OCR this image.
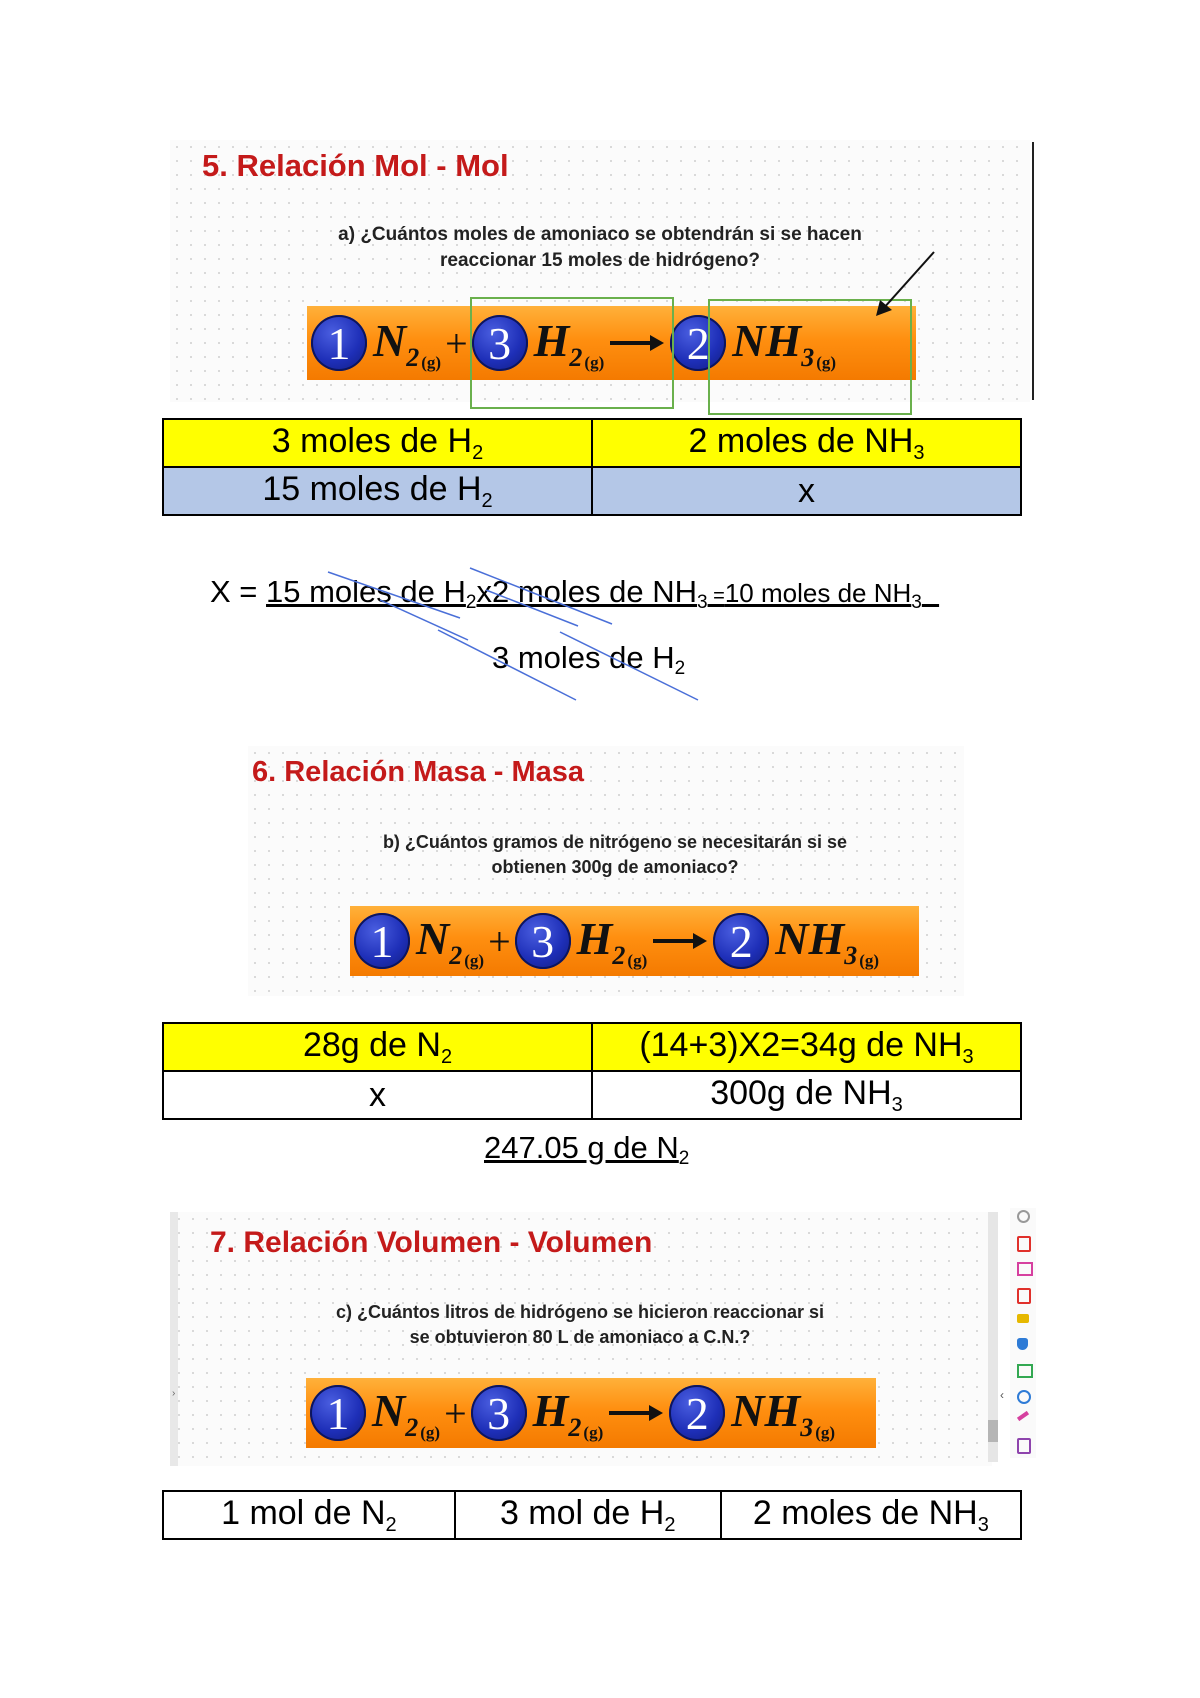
5. Relación Mol - Mol
a) ¿Cuántos moles de amoniaco se obtendrán si se hacen
reaccionar 15 moles de hidrógeno?
1 $N_2$ $_{(g)}$ + 3 $H_2$ $_{(g)}$ → 2 $NH_3$ $_{(g)}$
3 moles de $H_2$	2 moles de $NH_3$
15 moles de $H_2$	x
X = 15 moles de $H_2x2$ moles de $NH_3 =10$ moles de $NH_3$
3 moles de $H_2$
6. Relación Masa - Masa
b) ¿Cuántos gramos de nitrógeno se necesitarán si se
obtienen 300g de amoniaco?
1 $N_2$ $_{(g)}$ + 3 $H_2$ $_{(g)}$ → 2 $NH_3$ $_{(g)}$
28g de $N_2$	(14+3)X2=34g de $NH_3$
x	300g de $NH_3$
247.05 g de $N_2$
›
7. Relación Volumen - Volumen
c) ¿Cuántos litros de hidrógeno se hicieron reaccionar si
se obtuvieron 80 L de amoniaco a C.N.?
1 $N_2$ $_{(g)}$ + 3 $H_2$ $_{(g)}$ → 2 $NH_3$ $_{(g)}$
‹
1 mol de $N_2$	3 mol de $H_2$	2 moles de $NH_3$
